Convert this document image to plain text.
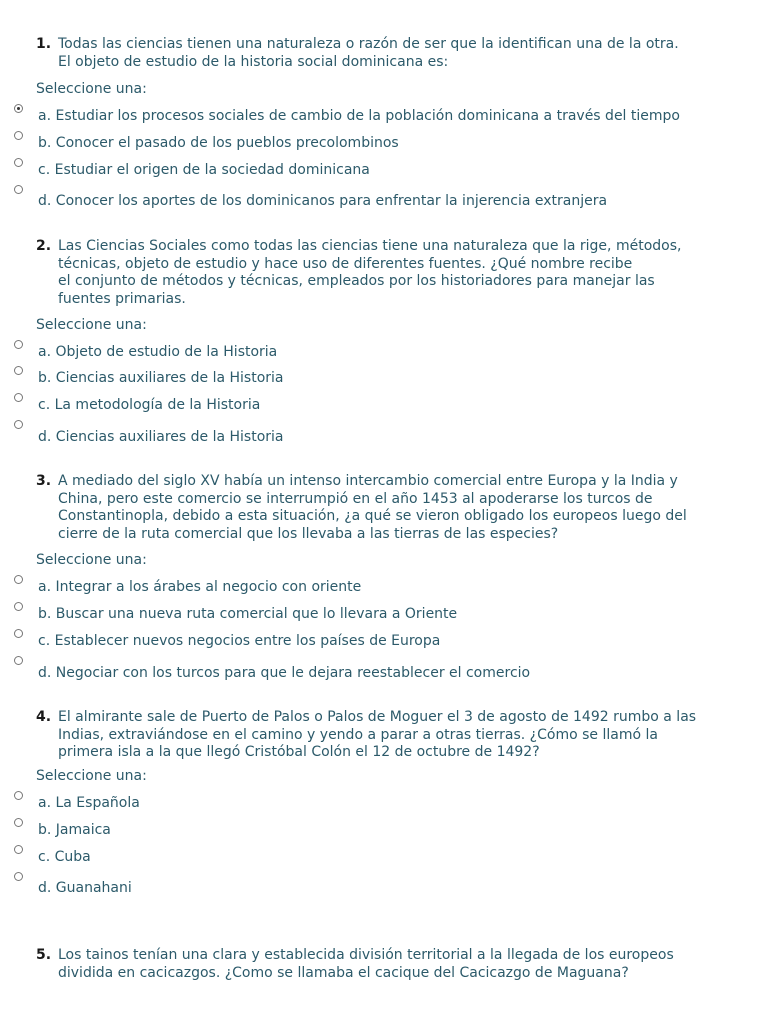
1. Todas las ciencias tienen una naturaleza o razón de ser que la identifican una de la otra.
El objeto de estudio de la historia social dominicana es:

Seleccione una:
a. Estudiar los procesos sociales de cambio de la población dominicana a través del tiempo
b. Conocer el pasado de los pueblos precolombinos
c. Estudiar el origen de la sociedad dominicana
d. Conocer los aportes de los dominicanos para enfrentar la injerencia extranjera
2. Las Ciencias Sociales como todas las ciencias tiene una naturaleza que la rige, métodos,
técnicas, objeto de estudio y hace uso de diferentes fuentes. ¿Qué nombre recibe
el conjunto de métodos y técnicas, empleados por los historiadores para manejar las
fuentes primarias.

Seleccione una:
a. Objeto de estudio de la Historia
b. Ciencias auxiliares de la Historia
c. La metodología de la Historia
d. Ciencias auxiliares de la Historia
3. A mediado del siglo XV había un intenso intercambio comercial entre Europa y la India y
China, pero este comercio se interrumpió en el año 1453 al apoderarse los turcos de
Constantinopla, debido a esta situación, ¿a qué se vieron obligado los europeos luego del
cierre de la ruta comercial que los llevaba a las tierras de las especies?

Seleccione una:
a. Integrar a los árabes al negocio con oriente
b. Buscar una nueva ruta comercial que lo llevara a Oriente
c. Establecer nuevos negocios entre los países de Europa
d. Negociar con los turcos para que le dejara reestablecer el comercio
4. El almirante sale de Puerto de Palos o Palos de Moguer el 3 de agosto de 1492 rumbo a las
Indias, extraviándose en el camino y yendo a parar a otras tierras. ¿Cómo se llamó la
primera isla a la que llegó Cristóbal Colón el 12 de octubre de 1492?

Seleccione una:
a. La Española
b. Jamaica
c. Cuba
d. Guanahani
5. Los tainos tenían una clara y establecida división territorial a la llegada de los europeos
dividida en cacicazgos. ¿Como se llamaba el cacique del Cacicazgo de Maguana?
